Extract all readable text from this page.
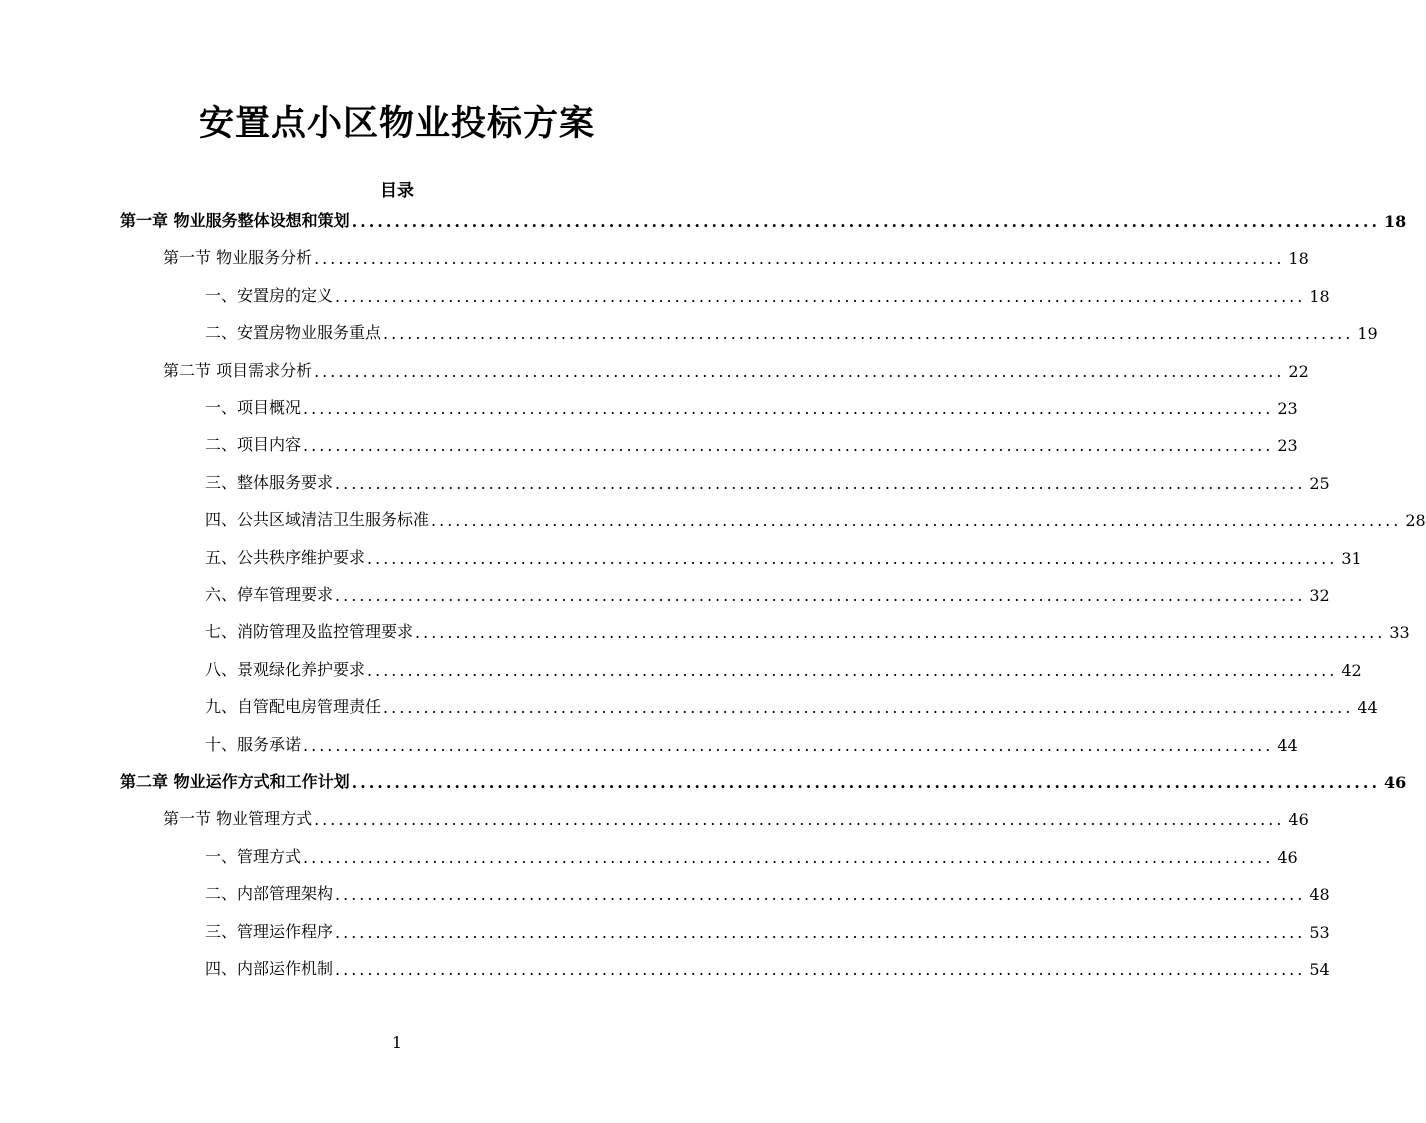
安置点小区物业投标方案
目录
第一章 物业服务整体设想和策划 ........................................................................................................................ 18
第一节 物业服务分析 ........................................................................................................................ 18
一、安置房的定义 ........................................................................................................................ 18
二、安置房物业服务重点 ........................................................................................................................ 19
第二节 项目需求分析 ........................................................................................................................ 22
一、项目概况 ........................................................................................................................ 23
二、项目内容 ........................................................................................................................ 23
三、整体服务要求 ........................................................................................................................ 25
四、公共区域清洁卫生服务标准 ........................................................................................................................ 28
五、公共秩序维护要求 ........................................................................................................................ 31
六、停车管理要求 ........................................................................................................................ 32
七、消防管理及监控管理要求 ........................................................................................................................ 33
八、景观绿化养护要求 ........................................................................................................................ 42
九、自管配电房管理责任 ........................................................................................................................ 44
十、服务承诺 ........................................................................................................................ 44
第二章 物业运作方式和工作计划 ........................................................................................................................ 46
第一节 物业管理方式 ........................................................................................................................ 46
一、管理方式 ........................................................................................................................ 46
二、内部管理架构 ........................................................................................................................ 48
三、管理运作程序 ........................................................................................................................ 53
四、内部运作机制 ........................................................................................................................ 54

1
